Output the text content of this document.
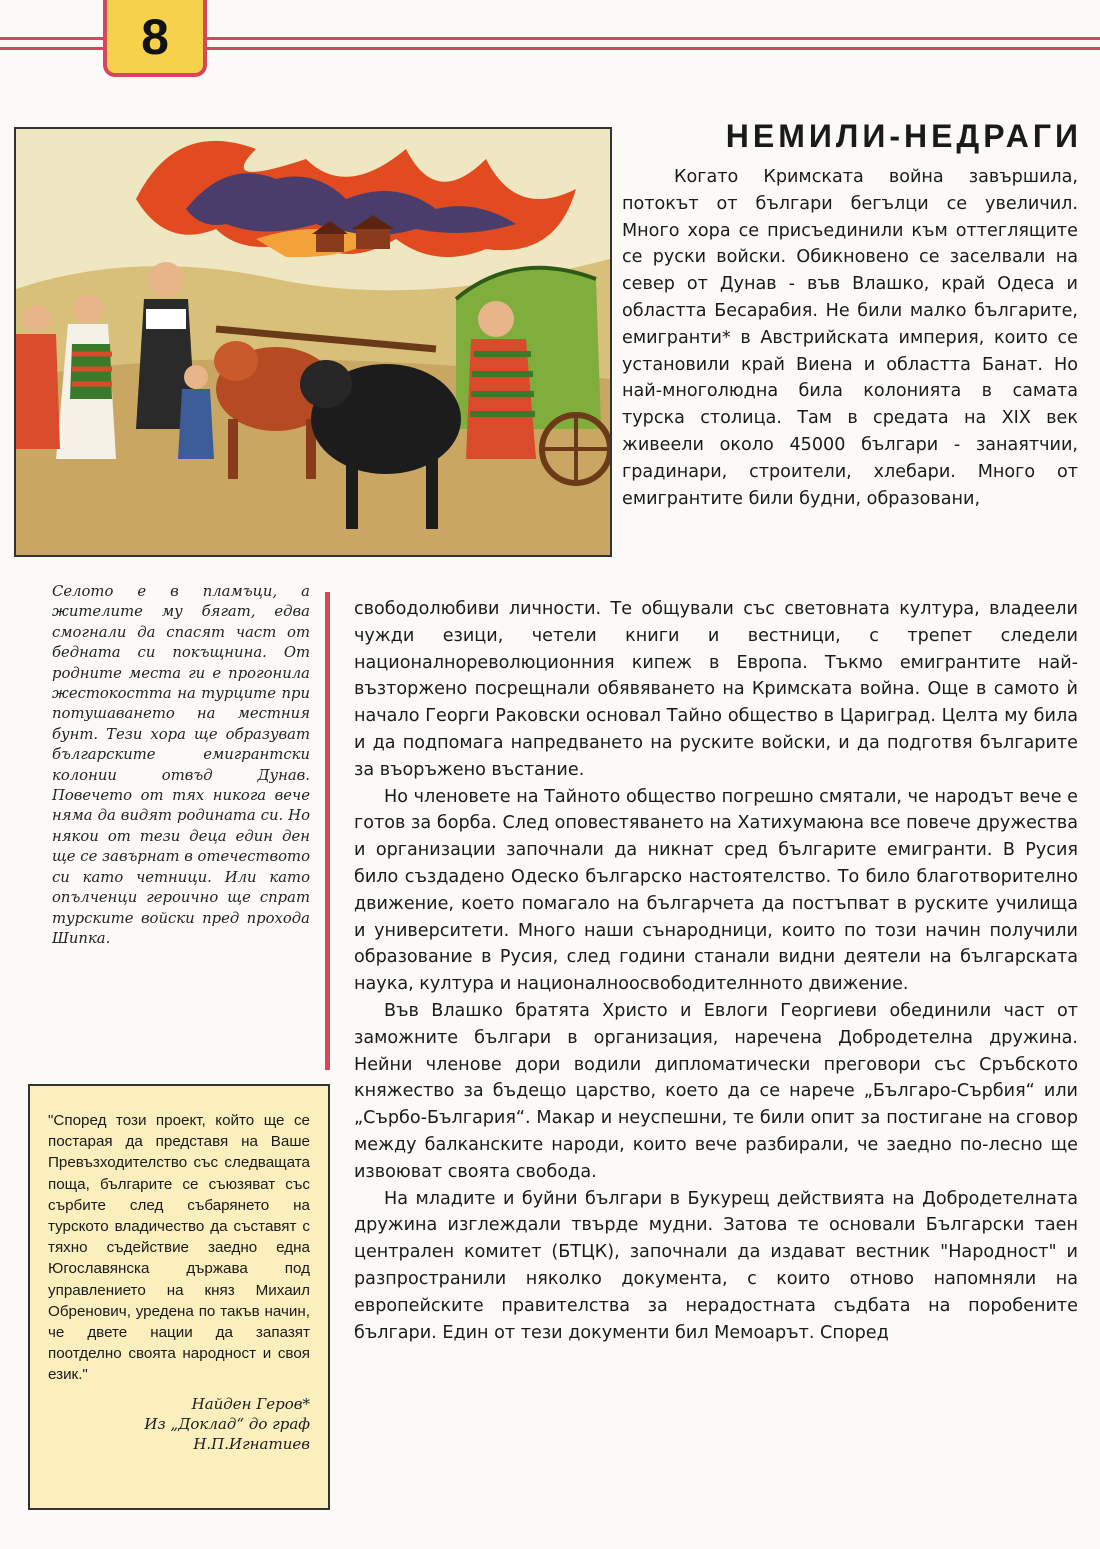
8
НЕМИЛИ-НЕДРАГИ

Когато Кримската война завършила, потокът от българи бегълци се увеличил. Много хора се присъединили към оттеглящите се руски войски. Обикновено се заселвали на север от Дунав - във Влашко, край Одеса и областта Бесарабия. Не били малко българите, емигранти* в Австрийската империя, които се установили край Виена и областта Банат. Но най-многолюдна била колонията в самата турска столица. Там в средата на XIX век живеели около 45000 българи - занаятчии, градинари, строители, хлебари. Много от емигрантите били будни, образовани,

Селото е в пламъци, а жителите му бягат, едва смогнали да спасят част от бедната си покъщнина. От родните места ги е прогонила жестокостта на турците при потушаването на местния бунт. Тези хора ще образуват българските емигрантски колонии отвъд Дунав. Повечето от тях никога вече няма да видят родината си. Но някои от тези деца един ден ще се завърнат в отечеството си като четници. Или като опълченци героично ще спрат турските войски пред прохода Шипка.

свободолюбиви личности. Те общували със световната култура, владеели чужди езици, четели книги и вестници, с трепет следели националнореволюционния кипеж в Европа. Тъкмо емигрантите най-възторжено посрещнали обявяването на Кримската война. Още в самото ѝ начало Георги Раковски основал Тайно общество в Цариград. Целта му била и да подпомага напредването на руските войски, и да подготвя българите за въоръжено въстание.

Но членовете на Тайното общество погрешно смятали, че народът вече е готов за борба. След оповестяването на Хатихумаюна все повече дружества и организации започнали да никнат сред българите емигранти. В Русия било създадено Одеско българско настоятелство. То било благотворително движение, което помагало на българчета да постъпват в руските училища и университети. Много наши сънародници, които по този начин получили образование в Русия, след години станали видни деятели на българската наука, култура и националноосвободителнното движение.

Във Влашко братята Христо и Евлоги Георгиеви обединили част от заможните българи в организация, наречена Добродетелна дружина. Нейни членове дори водили дипломатически преговори със Сръбското княжество за бъдещо царство, което да се нарече „Българо-Сърбия“ или „Сърбо-България“. Макар и неуспешни, те били опит за постигане на сговор между балканските народи, които вече разбирали, че заедно по-лесно ще извоюват своята свобода.

На младите и буйни българи в Букурещ действията на Добродетелната дружина изглеждали твърде мудни. Затова те основали Български таен централен комитет (БТЦК), започнали да издават вестник "Народност" и разпространили няколко документа, с които отново напомняли на европейските правителства за нерадостната съдбата на поробените българи. Един от тези документи бил Мемоарът. Според

"Според този проект, който ще се постарая да представя на Ваше Превъзходителство със следващата поща, българите се съюзяват със сърбите след събарянето на турското владичество да съставят с тяхно съдействие заедно една Югославянска държава под управлението на княз Михаил Обренович, уредена по такъв начин, че двете нации да запазят поотделно своята народност и своя език."
Найден Геров*
Из „Доклад“ до граф
Н.П.Игнатиев
